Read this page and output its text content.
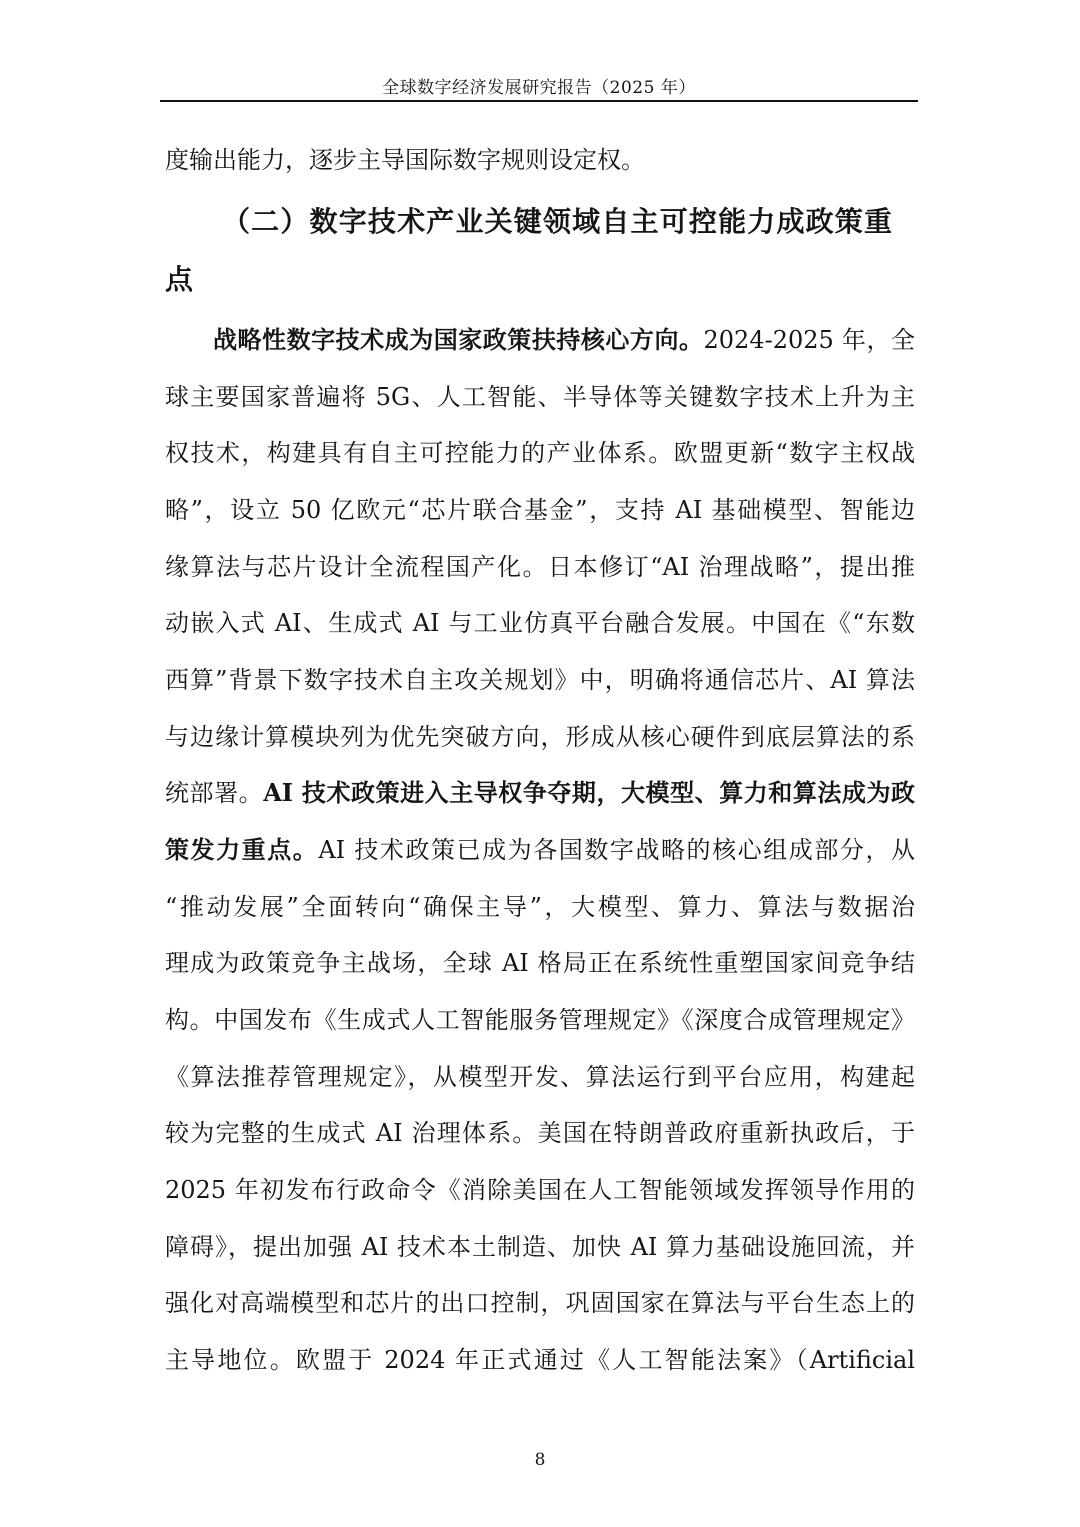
全球数字经济发展研究报告（2025 年）
度输出能力，逐步主导国际数字规则设定权。
（二）数字技术产业关键领域自主可控能力成政策重
点
战略性数字技术成为国家政策扶持核心方向。2024-2025 年，全
球主要国家普遍将 5G、人工智能、半导体等关键数字技术上升为主
权技术，构建具有自主可控能力的产业体系。欧盟更新“数字主权战
略”，设立 50 亿欧元“芯片联合基金”，支持 AI 基础模型、智能边
缘算法与芯片设计全流程国产化。日本修订“AI 治理战略”，提出推
动嵌入式 AI、生成式 AI 与工业仿真平台融合发展。中国在《“东数
西算”背景下数字技术自主攻关规划》中，明确将通信芯片、AI 算法
与边缘计算模块列为优先突破方向，形成从核心硬件到底层算法的系
统部署。AI 技术政策进入主导权争夺期，大模型、算力和算法成为政
策发力重点。AI 技术政策已成为各国数字战略的核心组成部分，从
“推动发展”全面转向“确保主导”，大模型、算力、算法与数据治
理成为政策竞争主战场，全球 AI 格局正在系统性重塑国家间竞争结
构。中国发布《生成式人工智能服务管理规定》《深度合成管理规定》
《算法推荐管理规定》，从模型开发、算法运行到平台应用，构建起
较为完整的生成式 AI 治理体系。美国在特朗普政府重新执政后，于
2025 年初发布行政命令《消除美国在人工智能领域发挥领导作用的
障碍》，提出加强 AI 技术本土制造、加快 AI 算力基础设施回流，并
强化对高端模型和芯片的出口控制，巩固国家在算法与平台生态上的
主导地位。欧盟于 2024 年正式通过《人工智能法案》（Artificial
8
